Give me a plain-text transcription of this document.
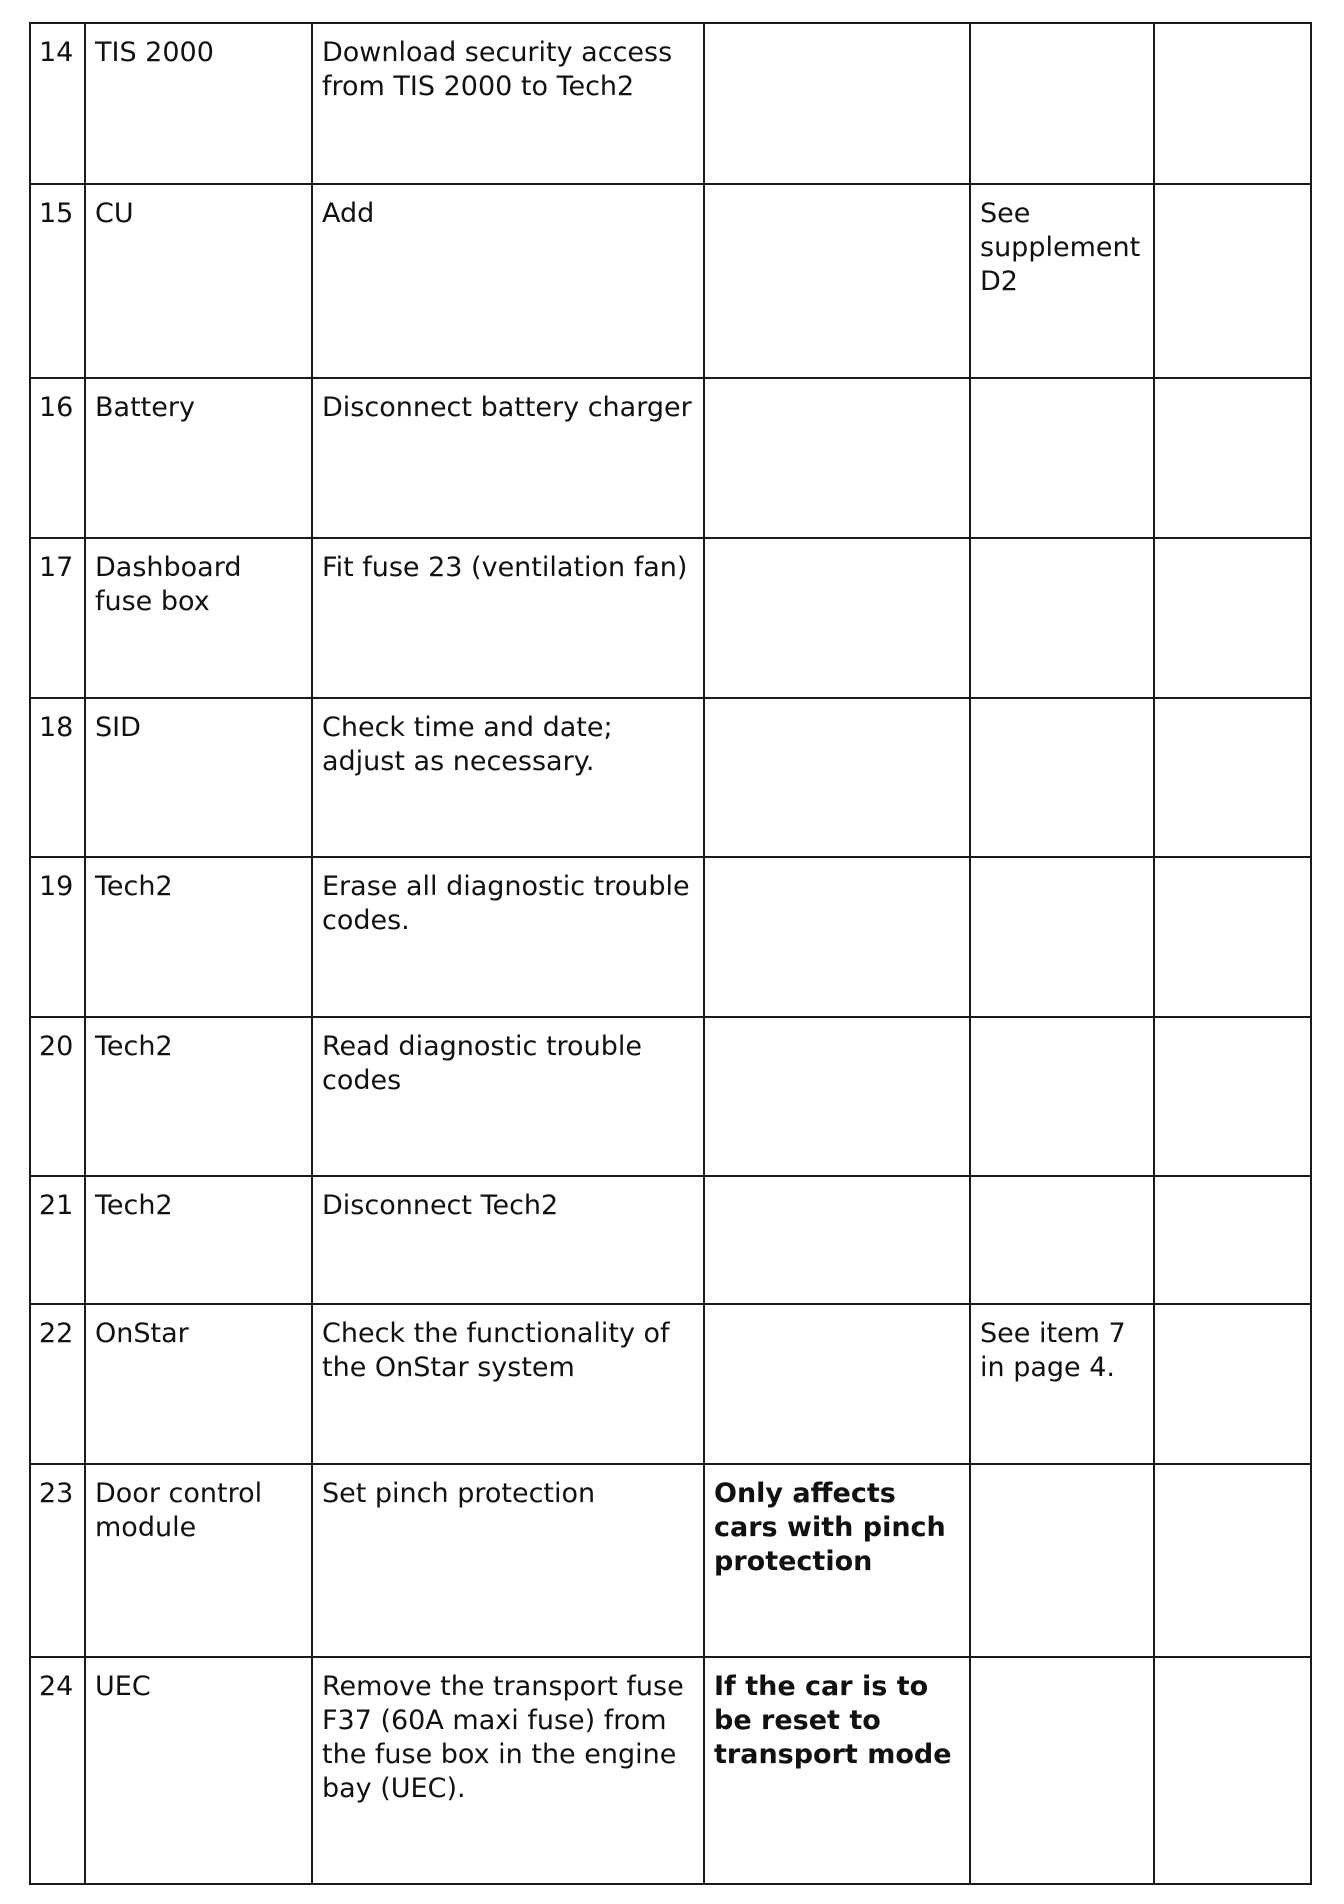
14	TIS 2000	Download security access from TIS 2000 to Tech2			
15	CU	Add		See supplement D2	
16	Battery	Disconnect battery charger			
17	Dashboard fuse box	Fit fuse 23 (ventilation fan)			
18	SID	Check time and date; adjust as necessary.			
19	Tech2	Erase all diagnostic trouble codes.			
20	Tech2	Read diagnostic trouble codes			
21	Tech2	Disconnect Tech2			
22	OnStar	Check the functionality of the OnStar system		See item 7 in page 4.	
23	Door control module	Set pinch protection	Only affects cars with pinch protection		
24	UEC	Remove the transport fuse F37 (60A maxi fuse) from the fuse box in the engine bay (UEC).	If the car is to be reset to transport mode		
